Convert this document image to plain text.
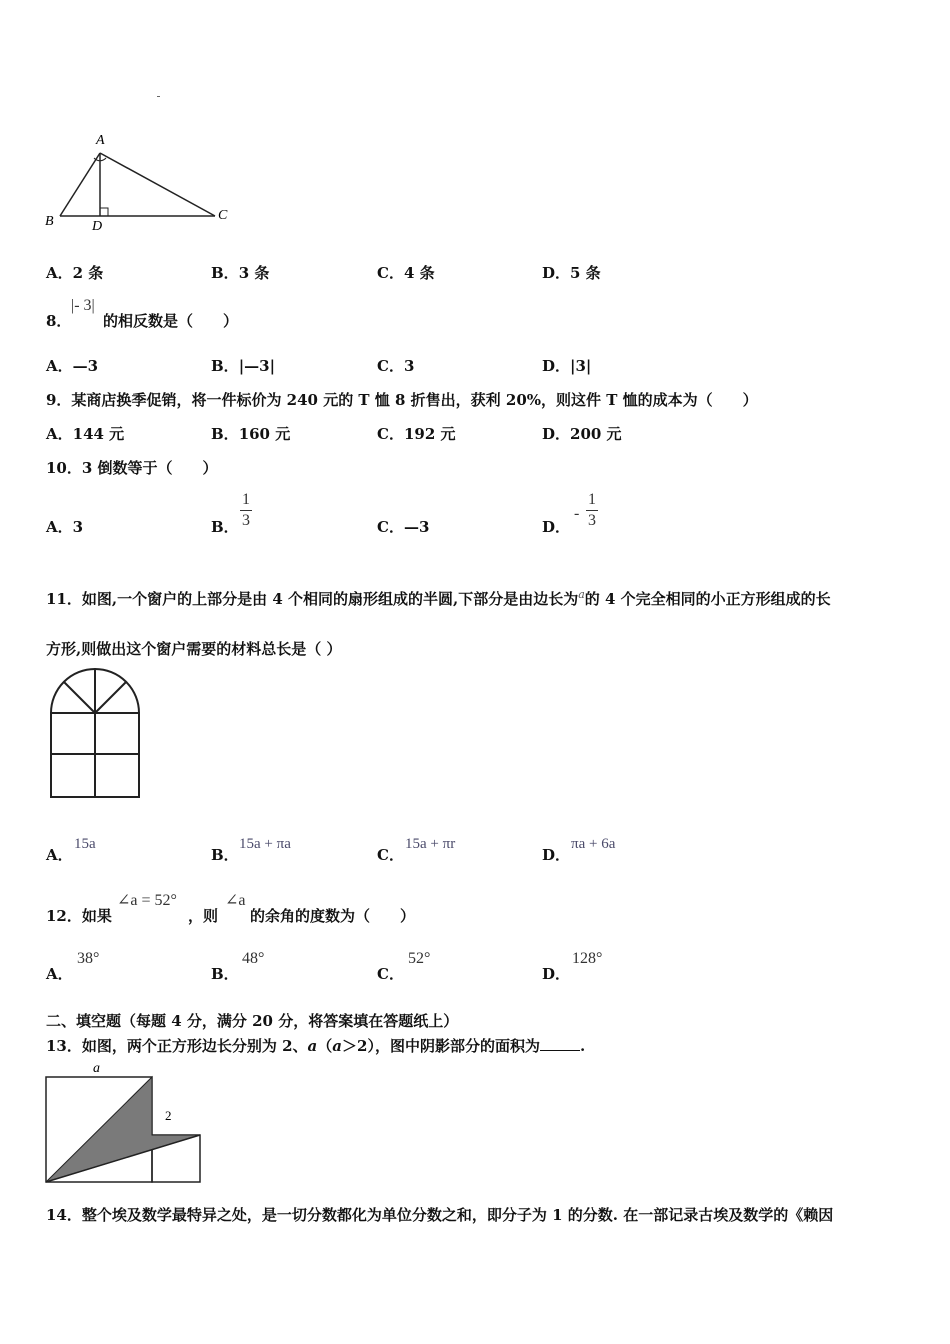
A
B	C
D
A．2 条	B．3 条	C．4 条	D．5 条
8．
|- 3|
的相反数是（　　）
A．—3	B．|—3|	C．3	D．|3|
9．某商店换季促销，将一件标价为 240 元的 T 恤 8 折售出，获利 20%，则这件 T 恤的成本为（　　）
A．144 元	B．160 元	C．192 元	D．200 元
10．3 倒数等于（　　）
A．3	B．
1
3	C．—3	D．
-
1
3
11．如图,一个窗户的上部分是由 4 个相同的扇形组成的半圆,下部分是由边长为$^a$的 4 个完全相同的小正方形组成的长
方形,则做出这个窗户需要的材料总长是（ ）
A．
15a
B．
15a + πa
C．
15a + πr
D．
πa + 6a
12．如果
∠a = 52°
，则
∠a
的余角的度数为（　　）
A．
38°
B．
48°
C．
52°
D．
128°
二、填空题（每题 4 分，满分 20 分，将答案填在答题纸上）
13．如图，两个正方形边长分别为 2、a（a＞2），图中阴影部分的面积为	.
a
2
14．整个埃及数学最特异之处，是一切分数都化为单位分数之和，即分子为 1 的分数. 在一部记录古埃及数学的《赖因
